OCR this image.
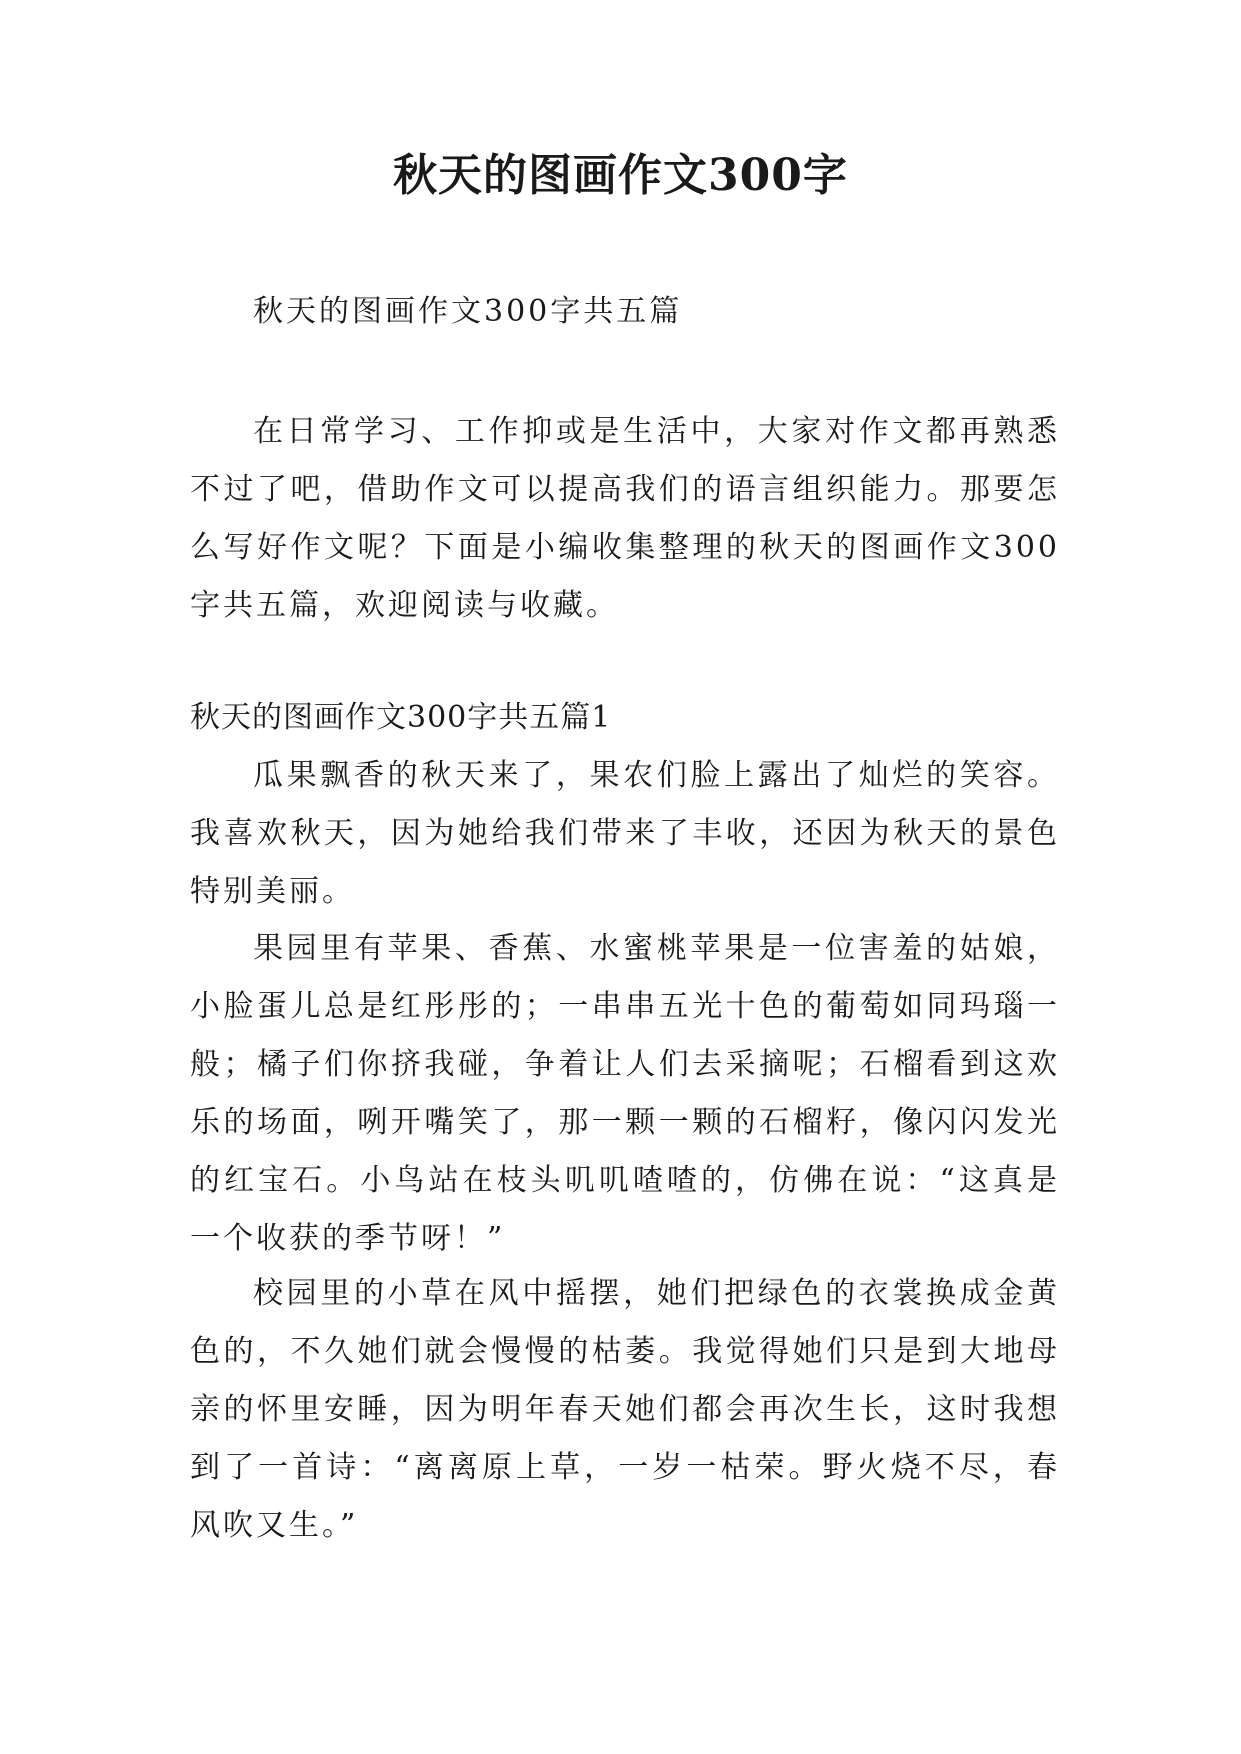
秋天的图画作文300字

秋天的图画作文300字共五篇

在日常学习、工作抑或是生活中，大家对作文都再熟悉不过了吧，借助作文可以提高我们的语言组织能力。那要怎么写好作文呢？下面是小编收集整理的秋天的图画作文300字共五篇，欢迎阅读与收藏。

秋天的图画作文300字共五篇1

瓜果飘香的秋天来了，果农们脸上露出了灿烂的笑容。我喜欢秋天，因为她给我们带来了丰收，还因为秋天的景色特别美丽。

果园里有苹果、香蕉、水蜜桃苹果是一位害羞的姑娘，小脸蛋儿总是红彤彤的；一串串五光十色的葡萄如同玛瑙一般；橘子们你挤我碰，争着让人们去采摘呢；石榴看到这欢乐的场面，咧开嘴笑了，那一颗一颗的石榴籽，像闪闪发光的红宝石。小鸟站在枝头叽叽喳喳的，仿佛在说：“这真是一个收获的季节呀！”

校园里的小草在风中摇摆，她们把绿色的衣裳换成金黄色的，不久她们就会慢慢的枯萎。我觉得她们只是到大地母亲的怀里安睡，因为明年春天她们都会再次生长，这时我想到了一首诗：“离离原上草，一岁一枯荣。野火烧不尽，春风吹又生。”
